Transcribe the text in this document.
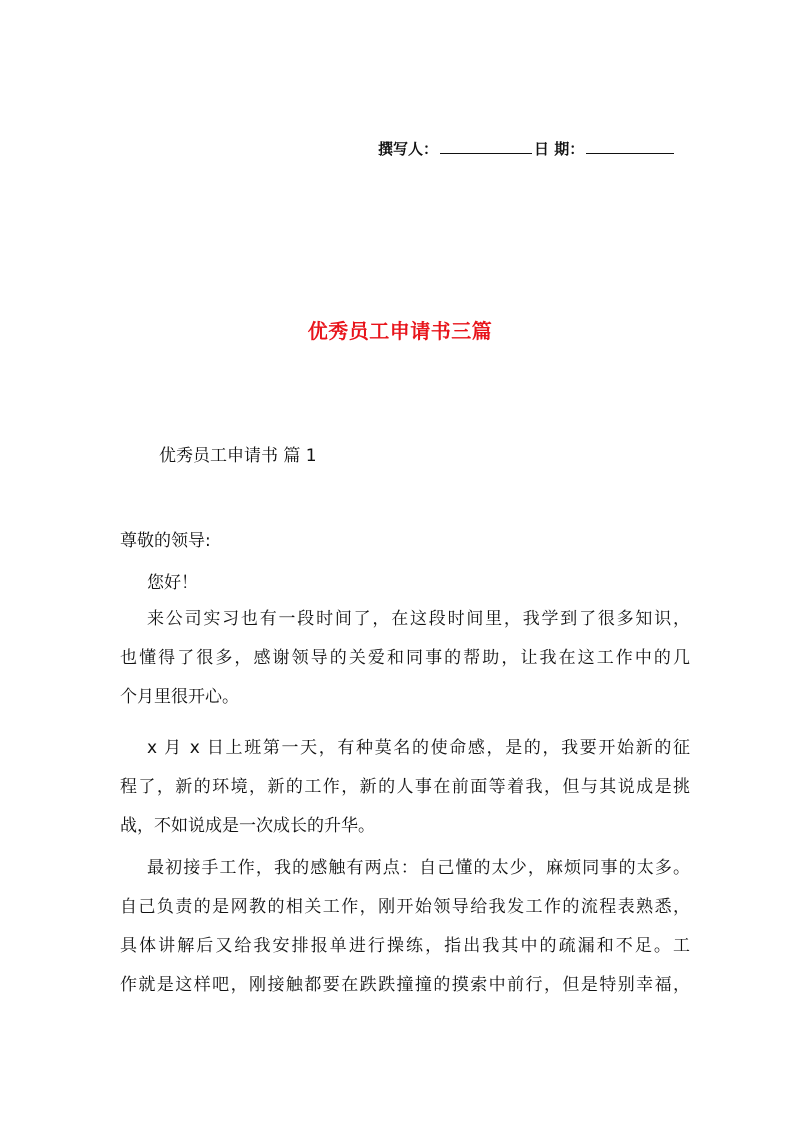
撰写人：	日 期：
优秀员工申请书三篇
优秀员工申请书 篇 1
尊敬的领导:
您好！
来公司实习也有一段时间了，在这段时间里，我学到了很多知识，
也懂得了很多，感谢领导的关爱和同事的帮助，让我在这工作中的几
个月里很开心。
x 月 x 日上班第一天，有种莫名的使命感，是的，我要开始新的征
程了，新的环境，新的工作，新的人事在前面等着我，但与其说成是挑
战，不如说成是一次成长的升华。
最初接手工作，我的感触有两点：自己懂的太少，麻烦同事的太多。
自己负责的是网教的相关工作，刚开始领导给我发工作的流程表熟悉，
具体讲解后又给我安排报单进行操练，指出我其中的疏漏和不足。工
作就是这样吧，刚接触都要在跌跌撞撞的摸索中前行，但是特别幸福，
